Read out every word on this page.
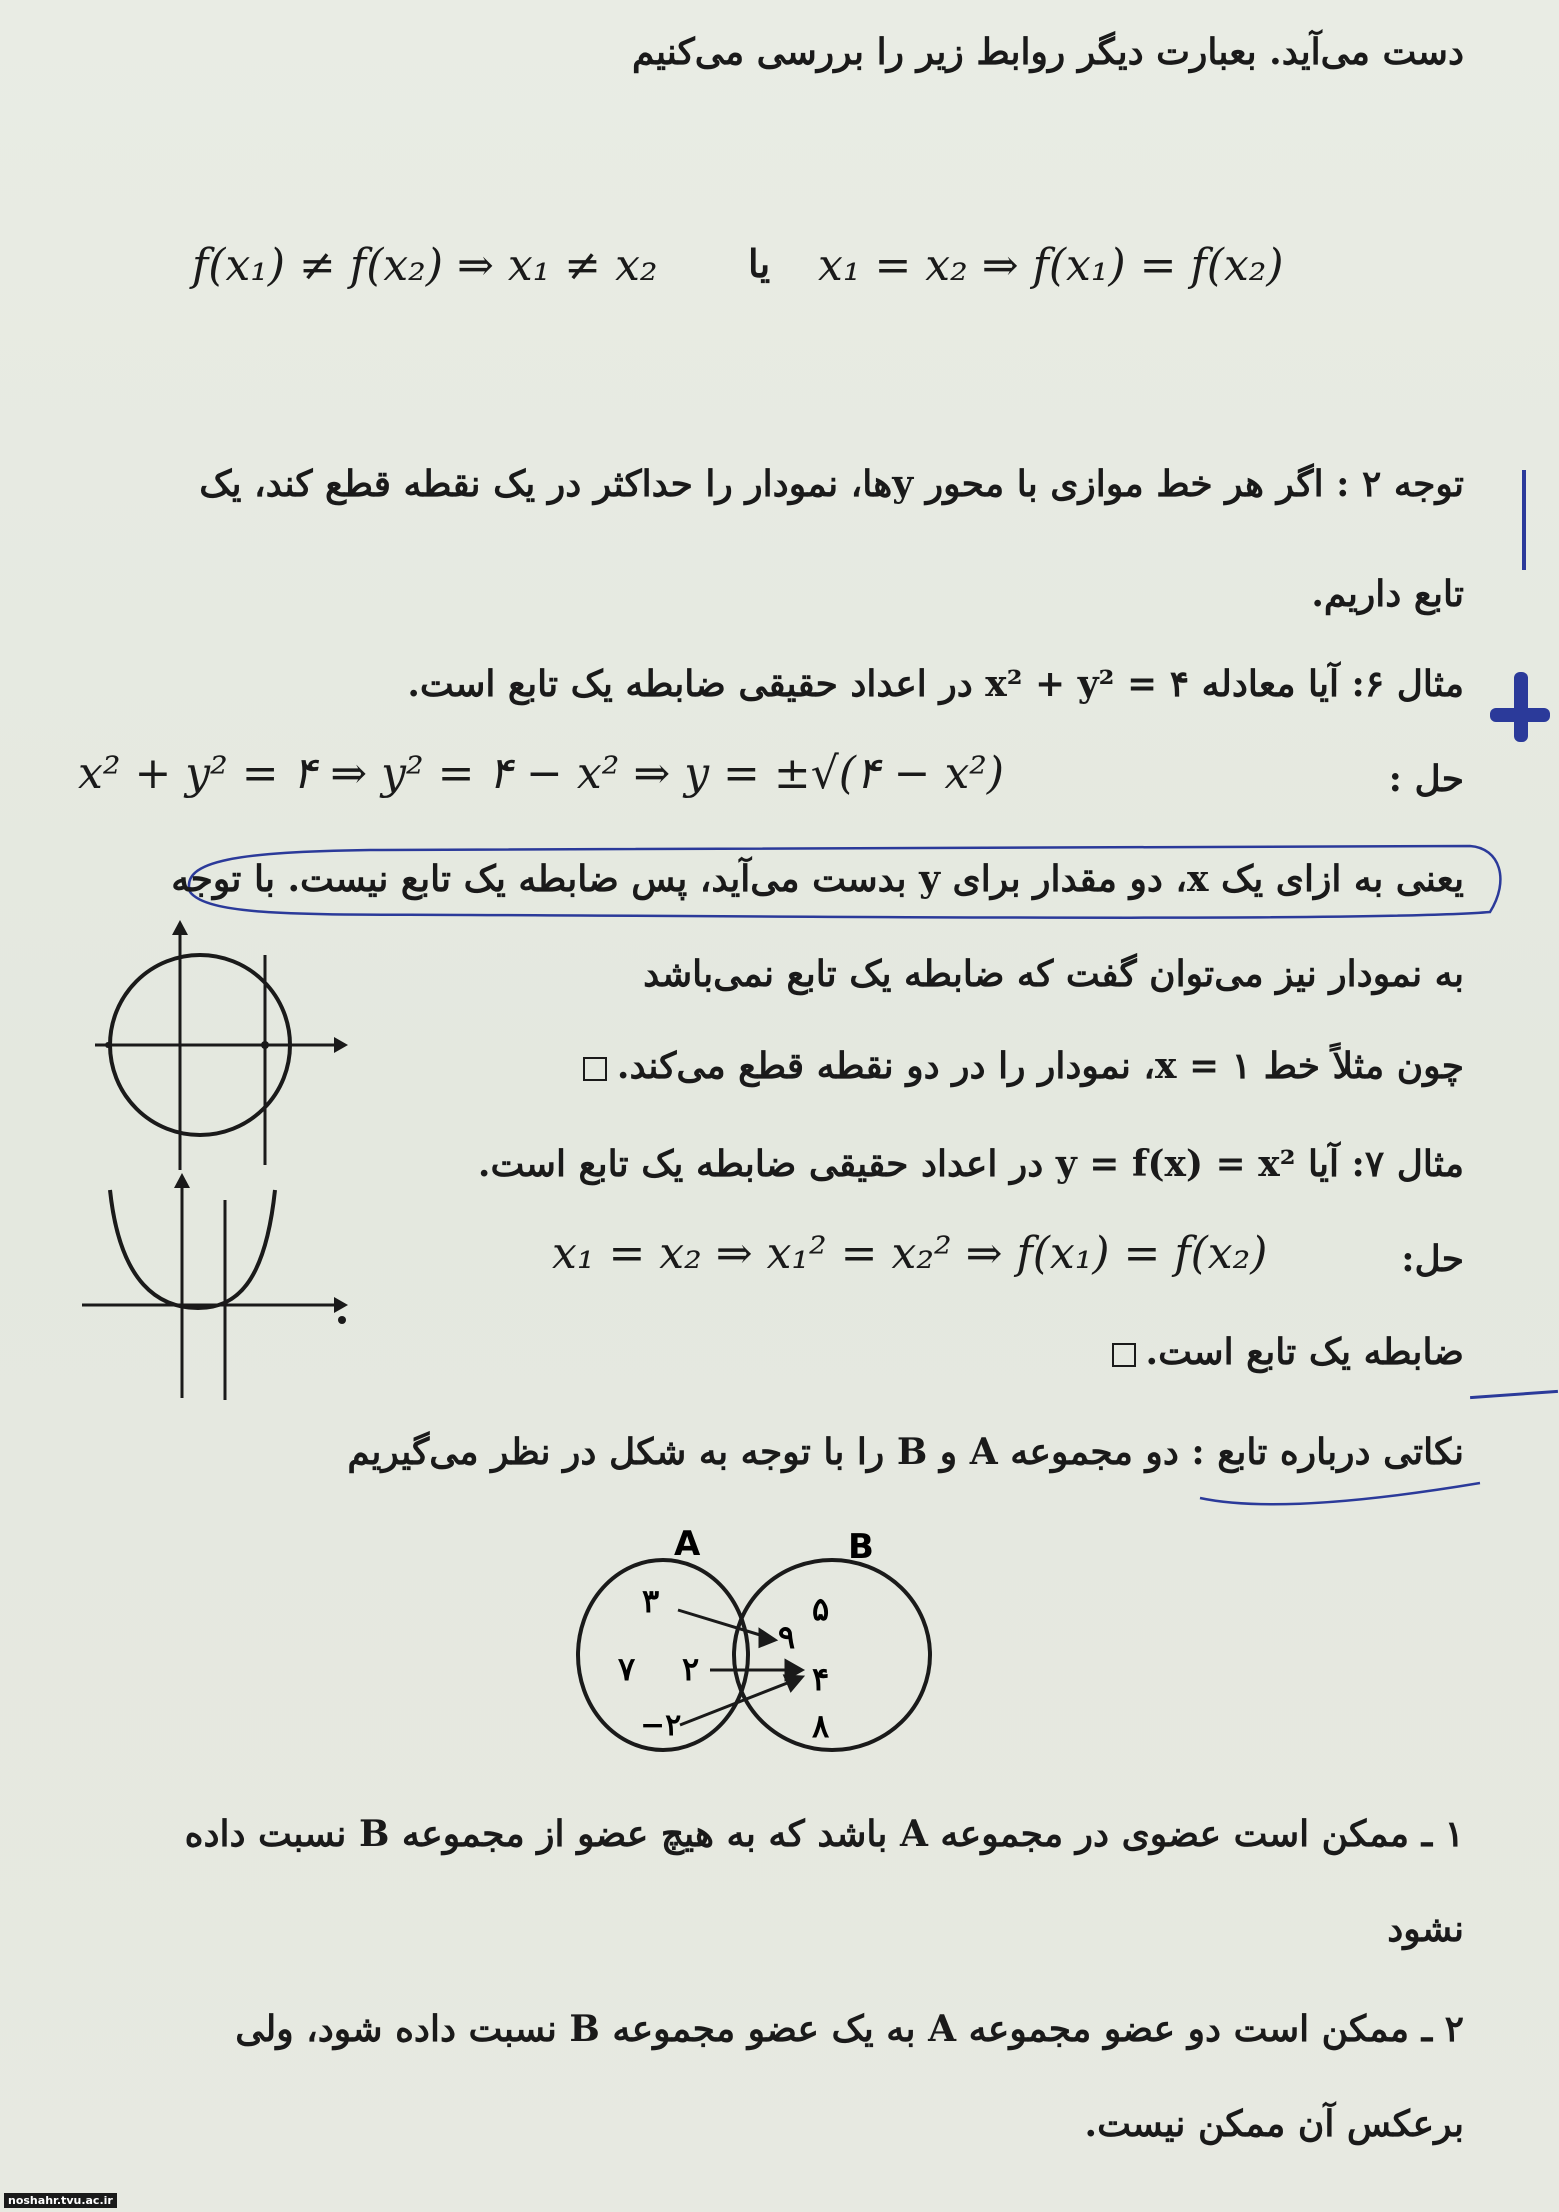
دست می‌آید. بعبارت دیگر روابط زیر را بررسی می‌کنیم
f(x₁) ≠ f(x₂) ⇒ x₁ ≠ x₂ یا x₁ = x₂ ⇒ f(x₁) = f(x₂)
توجه ۲ : اگر هر خط موازی با محور yها، نمودار را حداکثر در یک نقطه قطع کند، یک
تابع داریم.
مثال ۶: آیا معادله ۴ = x² + y² در اعداد حقیقی ضابطه یک تابع است.
حل :
x² + y² = ۴ ⇒ y² = ۴ − x² ⇒ y = ±√(۴ − x²)
یعنی به ازای یک x، دو مقدار برای y بدست می‌آید، پس ضابطه یک تابع نیست. با توجه
به نمودار نیز می‌توان گفت که ضابطه یک تابع نمی‌باشد
چون مثلاً خط x = ۱، نمودار را در دو نقطه قطع می‌کند.
مثال ۷: آیا y = f(x) = x² در اعداد حقیقی ضابطه یک تابع است.
حل:
x₁ = x₂ ⇒ x₁² = x₂² ⇒ f(x₁) = f(x₂)
ضابطه یک تابع است.
نکاتی درباره تابع : دو مجموعه A و B را با توجه به شکل در نظر می‌گیریم
A	B
۳
۷ ۲
−۲
۵
۹
۴
۸
۱ ـ ممکن است عضوی در مجموعه A باشد که به هیچ عضو از مجموعه B نسبت داده
نشود
۲ ـ ممکن است دو عضو مجموعه A به یک عضو مجموعه B نسبت داده شود، ولی
برعکس آن ممکن نیست.
noshahr.tvu.ac.ir
